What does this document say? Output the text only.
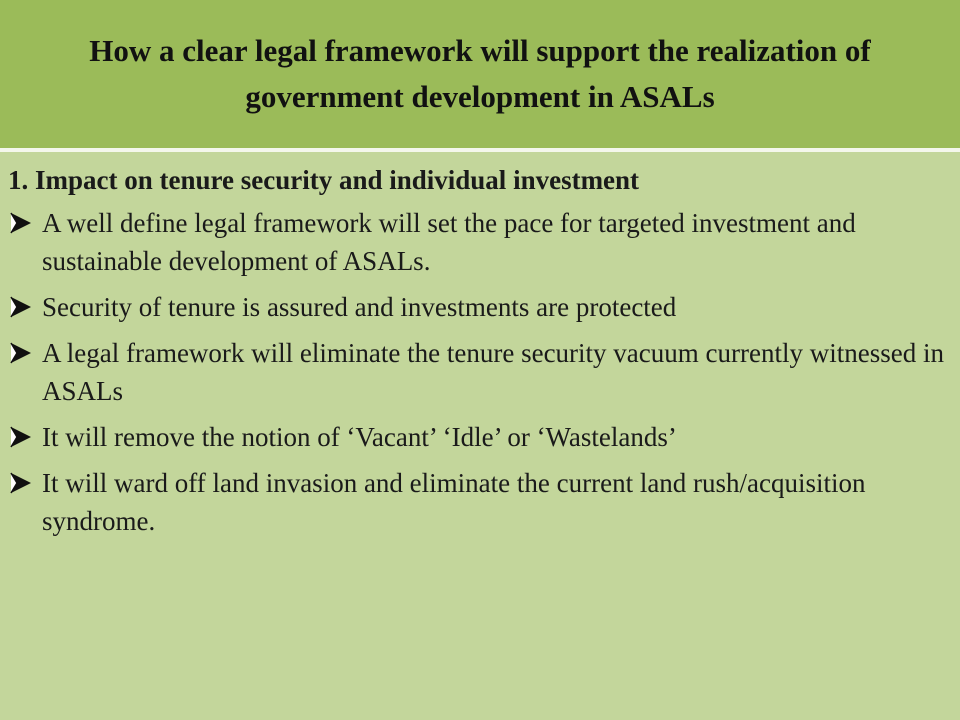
How a clear legal framework will support the realization of government development in ASALs

1. Impact on tenure security and individual investment

A well define legal framework will set the pace for targeted investment and sustainable development of ASALs.
Security of tenure is assured and investments are protected
A legal framework will eliminate the tenure security vacuum currently witnessed in ASALs
It will remove the notion of ‘Vacant’ ‘Idle’ or ‘Wastelands’
It will ward off land invasion and eliminate the current land rush/acquisition syndrome.
